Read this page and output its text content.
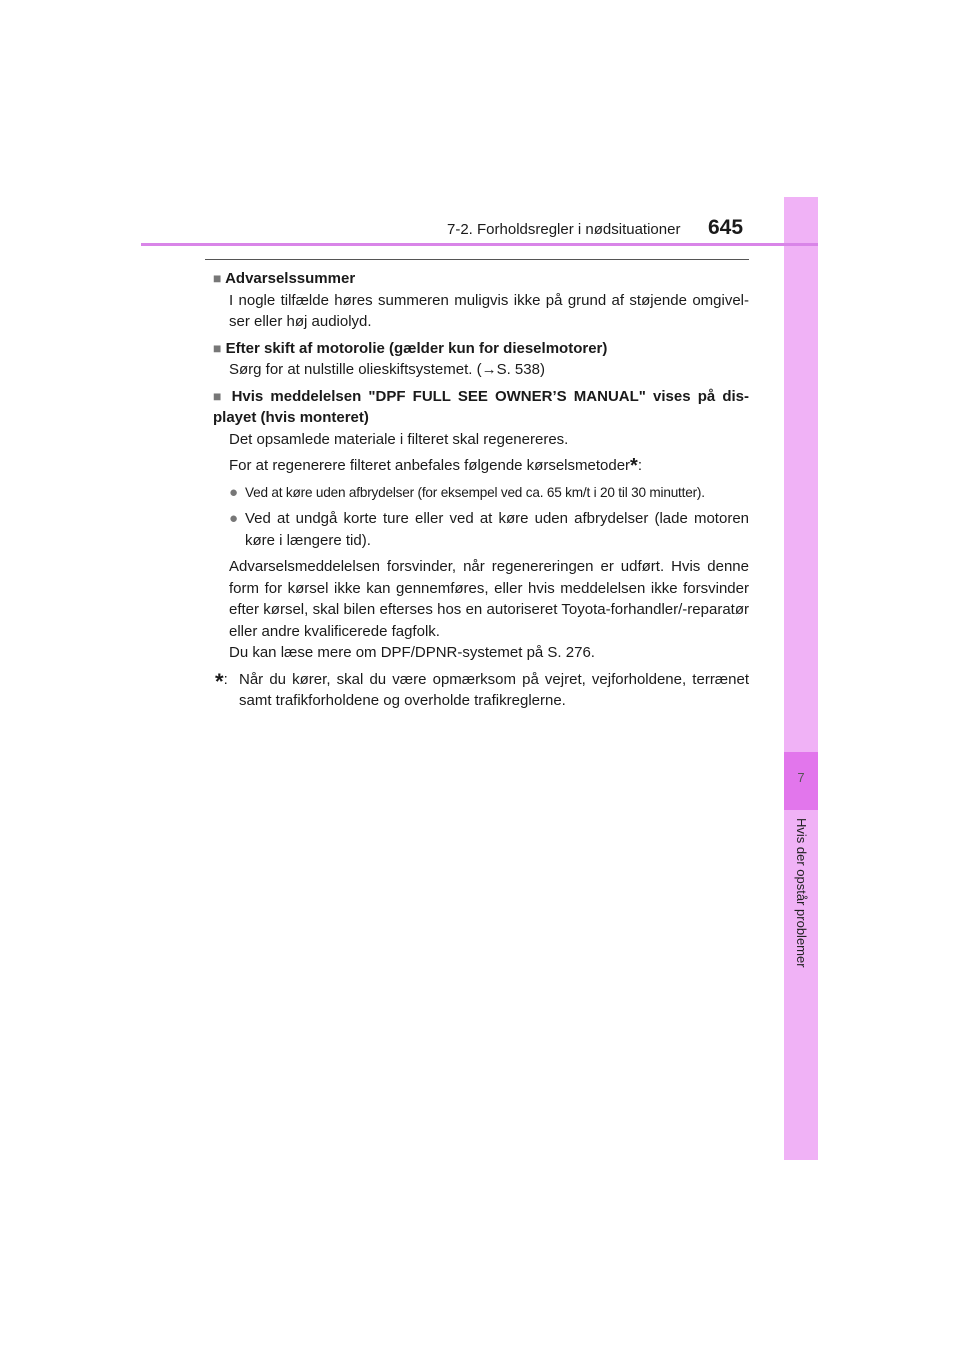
7
Hvis der opstår problemer
7-2. Forholdsregler i nødsituationer 645
■ Advarselssummer
I nogle tilfælde høres summeren muligvis ikke på grund af støjende omgivel-ser eller høj audiolyd.
■ Efter skift af motorolie (gælder kun for dieselmotorer)
Sørg for at nulstille olieskiftsystemet. (→S. 538)
■ Hvis meddelelsen "DPF FULL SEE OWNER’S MANUAL" vises på dis-playet (hvis monteret)

Det opsamlede materiale i filteret skal regenereres.

For at regenerere filteret anbefales følgende kørselsmetoder*:

● Ved at køre uden afbrydelser (for eksempel ved ca. 65 km/t i 20 til 30 minutter).
● Ved at undgå korte ture eller ved at køre uden afbrydelser (lade motoren køre i længere tid).

Advarselsmeddelelsen forsvinder, når regenereringen er udført. Hvis denne form for kørsel ikke kan gennemføres, eller hvis meddelelsen ikke forsvinder efter kørsel, skal bilen efterses hos en autoriseret Toyota-forhandler/-reparatør eller andre kvalificerede fagfolk.

Du kan læse mere om DPF/DPNR-systemet på S. 276.

*: Når du kører, skal du være opmærksom på vejret, vejforholdene, terrænet samt trafikforholdene og overholde trafikreglerne.
